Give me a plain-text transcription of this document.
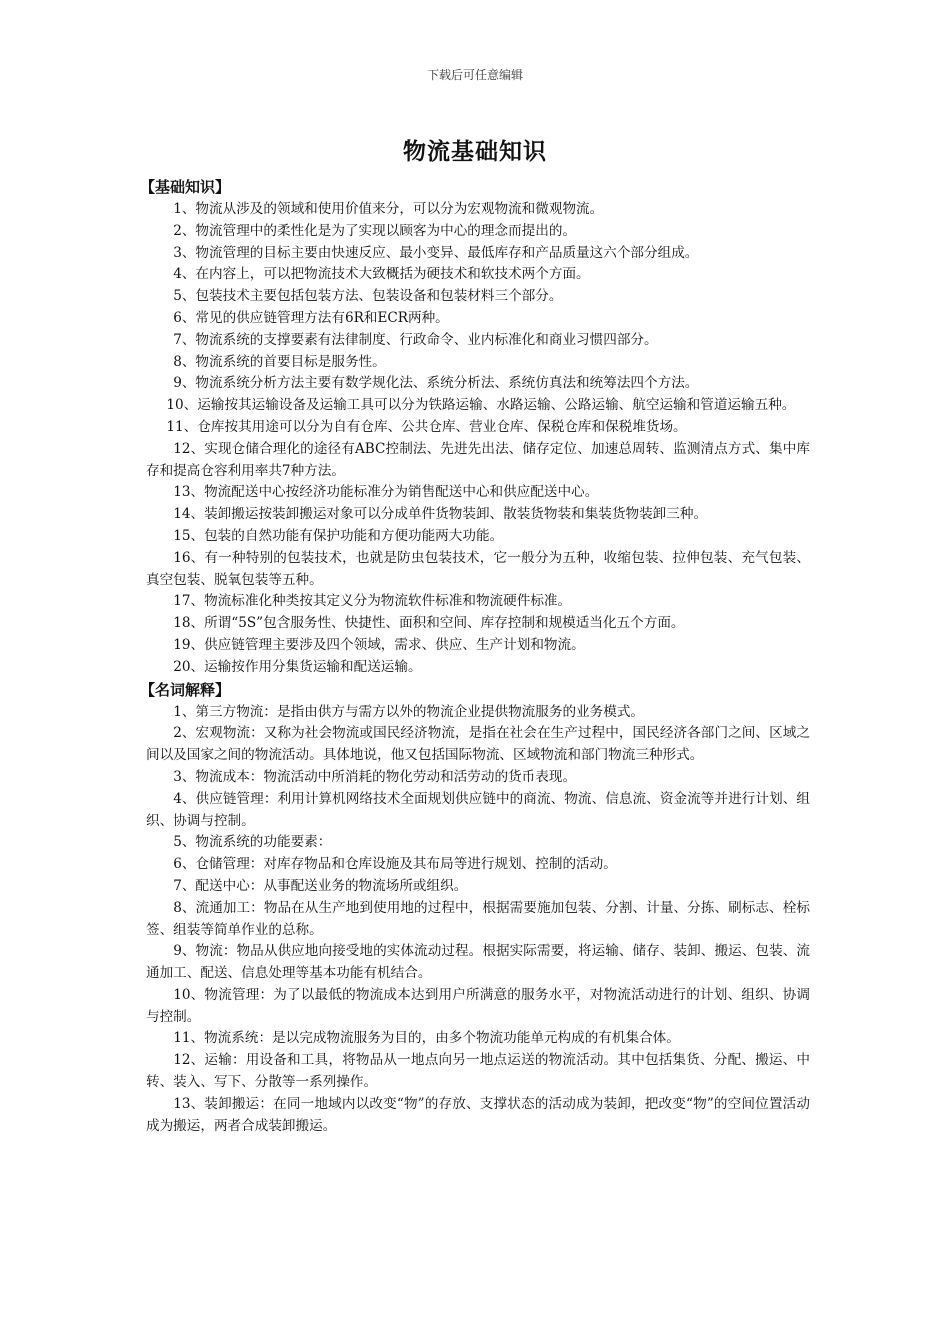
下载后可任意编辑
物流基础知识
【基础知识】
1、物流从涉及的领域和使用价值来分，可以分为宏观物流和微观物流。
2、物流管理中的柔性化是为了实现以顾客为中心的理念而提出的。
3、物流管理的目标主要由快速反应、最小变异、最低库存和产品质量这六个部分组成。
4、在内容上，可以把物流技术大致概括为硬技术和软技术两个方面。
5、包装技术主要包括包装方法、包装设备和包装材料三个部分。
6、常见的供应链管理方法有6R和ECR两种。
7、物流系统的支撑要素有法律制度、行政命令、业内标准化和商业习惯四部分。
8、物流系统的首要目标是服务性。
9、物流系统分析方法主要有数学规化法、系统分析法、系统仿真法和统筹法四个方法。
10、运输按其运输设备及运输工具可以分为铁路运输、水路运输、公路运输、航空运输和管道运输五种。
11、仓库按其用途可以分为自有仓库、公共仓库、营业仓库、保税仓库和保税堆货场。
12、实现仓储合理化的途径有ABC控制法、先进先出法、储存定位、加速总周转、监测清点方式、集中库存和提高仓容利用率共7种方法。
13、物流配送中心按经济功能标准分为销售配送中心和供应配送中心。
14、装卸搬运按装卸搬运对象可以分成单件货物装卸、散装货物装和集装货物装卸三种。
15、包装的自然功能有保护功能和方便功能两大功能。
16、有一种特别的包装技术，也就是防虫包装技术，它一般分为五种，收缩包装、拉伸包装、充气包装、真空包装、脱氧包装等五种。
17、物流标准化种类按其定义分为物流软件标准和物流硬件标准。
18、所谓“5S”包含服务性、快捷性、面积和空间、库存控制和规模适当化五个方面。
19、供应链管理主要涉及四个领域，需求、供应、生产计划和物流。
20、运输按作用分集货运输和配送运输。
【名词解释】
1、第三方物流：是指由供方与需方以外的物流企业提供物流服务的业务模式。
2、宏观物流：又称为社会物流或国民经济物流，是指在社会在生产过程中，国民经济各部门之间、区域之间以及国家之间的物流活动。具体地说，他又包括国际物流、区域物流和部门物流三种形式。
3、物流成本：物流活动中所消耗的物化劳动和活劳动的货币表现。
4、供应链管理：利用计算机网络技术全面规划供应链中的商流、物流、信息流、资金流等并进行计划、组织、协调与控制。
5、物流系统的功能要素：
6、仓储管理：对库存物品和仓库设施及其布局等进行规划、控制的活动。
7、配送中心：从事配送业务的物流场所或组织。
8、流通加工：物品在从生产地到使用地的过程中，根据需要施加包装、分割、计量、分拣、刷标志、栓标签、组装等简单作业的总称。
9、物流：物品从供应地向接受地的实体流动过程。根据实际需要，将运输、储存、装卸、搬运、包装、流通加工、配送、信息处理等基本功能有机结合。
10、物流管理：为了以最低的物流成本达到用户所满意的服务水平，对物流活动进行的计划、组织、协调与控制。
11、物流系统：是以完成物流服务为目的，由多个物流功能单元构成的有机集合体。
12、运输：用设备和工具，将物品从一地点向另一地点运送的物流活动。其中包括集货、分配、搬运、中转、装入、写下、分散等一系列操作。
13、装卸搬运：在同一地域内以改变“物”的存放、支撑状态的活动成为装卸，把改变“物”的空间位置活动成为搬运，两者合成装卸搬运。
